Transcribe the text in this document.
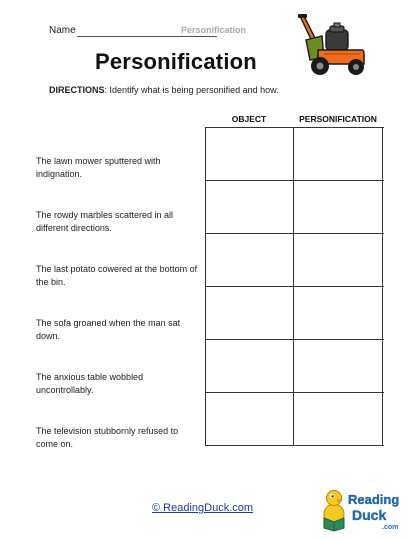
Name	Personification
Personification
DIRECTIONS: Identify what is being personified and how.
OBJECT	PERSONIFICATION
The lawn mower sputtered with indignation.
The rowdy marbles scattered in all different directions.
The last potato cowered at the bottom of the bin.
The sofa groaned when the man sat down.
The anxious table wobbled uncontrollably.
The television stubbornly refused to come on.
© ReadingDuck.com
Reading
Duck
.com
